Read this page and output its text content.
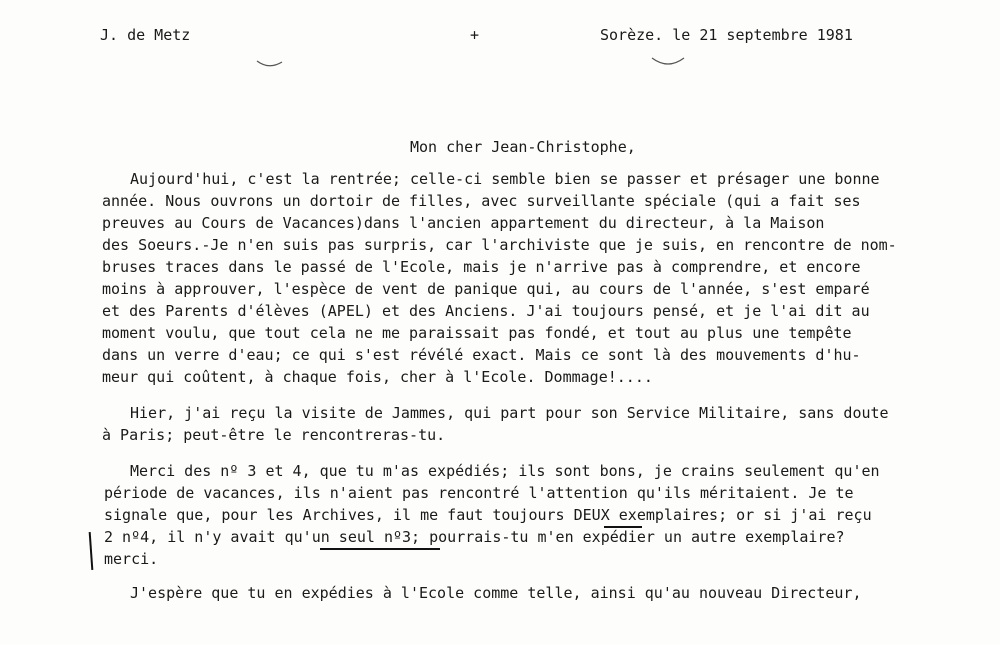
J. de Metz	+	Sorèze. le 21 septembre 1981
Mon cher Jean-Christophe,
Aujourd'hui, c'est la rentrée; celle-ci semble bien se passer et présager une bonne
année. Nous ouvrons un dortoir de filles, avec surveillante spéciale (qui a fait ses
preuves au Cours de Vacances)dans l'ancien appartement du directeur, à la Maison
des Soeurs.-Je n'en suis pas surpris, car l'archiviste que je suis, en rencontre de nom-
bruses traces dans le passé de l'Ecole, mais je n'arrive pas à comprendre, et encore
moins à approuver, l'espèce de vent de panique qui, au cours de l'année, s'est emparé
et des Parents d'élèves (APEL) et des Anciens. J'ai toujours pensé, et je l'ai dit au
moment voulu, que tout cela ne me paraissait pas fondé, et tout au plus une tempête
dans un verre d'eau; ce qui s'est révélé exact. Mais ce sont là des mouvements d'hu-
meur qui coûtent, à chaque fois, cher à l'Ecole. Dommage!....
Hier, j'ai reçu la visite de Jammes, qui part pour son Service Militaire, sans doute
à Paris; peut-être le rencontreras-tu.
Merci des nº 3 et 4, que tu m'as expédiés; ils sont bons, je crains seulement qu'en
période de vacances, ils n'aient pas rencontré l'attention qu'ils méritaient. Je te
signale que, pour les Archives, il me faut toujours DEUX exemplaires; or si j'ai reçu
2 nº4, il n'y avait qu'un seul nº3; pourrais-tu m'en expédier un autre exemplaire?
merci.
J'espère que tu en expédies à l'Ecole comme telle, ainsi qu'au nouveau Directeur,
